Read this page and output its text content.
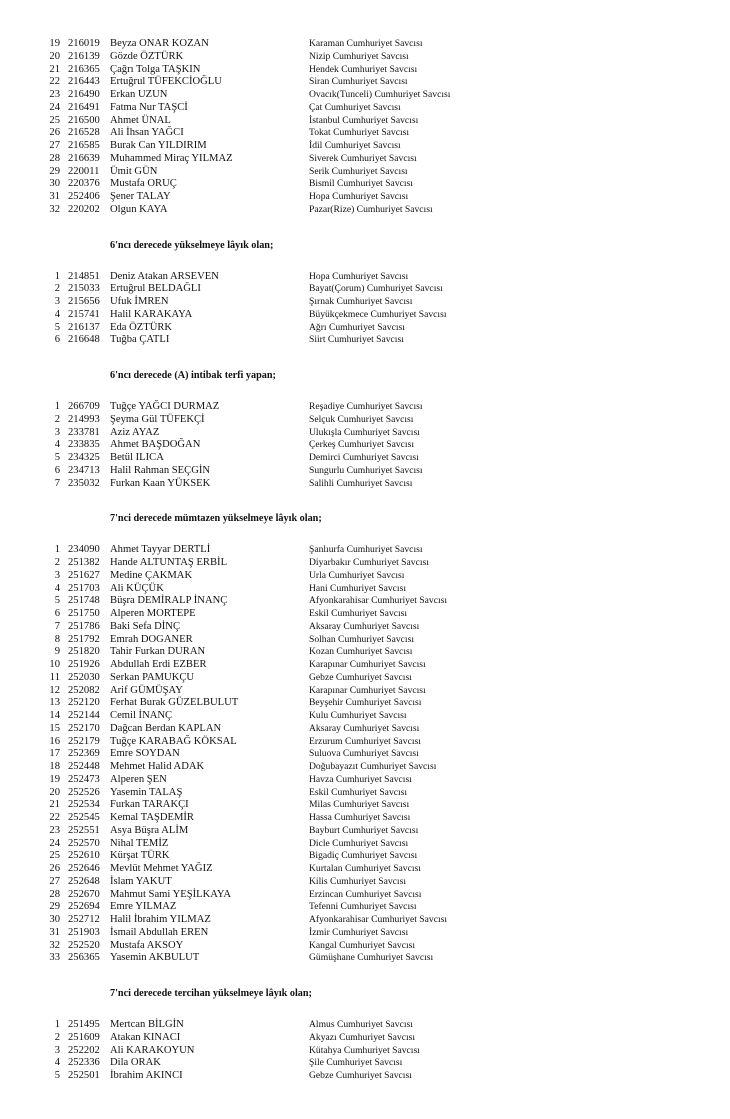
19 216019 Beyza ONAR KOZAN	Karaman Cumhuriyet Savcısı
20 216139 Gözde ÖZTÜRK	Nizip Cumhuriyet Savcısı
21 216365 Çağrı Tolga TAŞKIN	Hendek Cumhuriyet Savcısı
22 216443 Ertuğrul TÜFEKCİOĞLU	Siran Cumhuriyet Savcısı
23 216490 Erkan UZUN	Ovacık(Tunceli) Cumhuriyet Savcısı
24 216491 Fatma Nur TAŞCİ	Çat Cumhuriyet Savcısı
25 216500 Ahmet ÜNAL	İstanbul Cumhuriyet Savcısı
26 216528 Ali İhsan YAĞCI	Tokat Cumhuriyet Savcısı
27 216585 Burak Can YILDIRIM	İdil Cumhuriyet Savcısı
28 216639 Muhammed Miraç YILMAZ	Siverek Cumhuriyet Savcısı
29 220011 Ümit GÜN	Serik Cumhuriyet Savcısı
30 220376 Mustafa ORUÇ	Bismil Cumhuriyet Savcısı
31 252406 Şener TALAY	Hopa Cumhuriyet Savcısı
32 220202 Olgun KAYA	Pazar(Rize) Cumhuriyet Savcısı
6'ncı derecede yükselmeye lâyık olan;
1 214851 Deniz Atakan ARSEVEN	Hopa Cumhuriyet Savcısı
2 215033 Ertuğrul BELDAĞLI	Bayat(Çorum) Cumhuriyet Savcısı
3 215656 Ufuk İMREN	Şırnak Cumhuriyet Savcısı
4 215741 Halil KARAKAYA	Büyükçekmece Cumhuriyet Savcısı
5 216137 Eda ÖZTÜRK	Ağrı Cumhuriyet Savcısı
6 216648 Tuğba ÇATLI	Siirt Cumhuriyet Savcısı
6'ncı derecede (A) intibak terfi yapan;
1 266709 Tuğçe YAĞCI DURMAZ	Reşadiye Cumhuriyet Savcısı
2 214993 Şeyma Gül TÜFEKÇİ	Selçuk Cumhuriyet Savcısı
3 233781 Aziz AYAZ	Ulukışla Cumhuriyet Savcısı
4 233835 Ahmet BAŞDOĞAN	Çerkeş Cumhuriyet Savcısı
5 234325 Betül ILICA	Demirci Cumhuriyet Savcısı
6 234713 Halil Rahman SEÇGİN	Sungurlu Cumhuriyet Savcısı
7 235032 Furkan Kaan YÜKSEK	Salihli Cumhuriyet Savcısı
7'nci derecede mümtazen yükselmeye lâyık olan;
1 234090 Ahmet Tayyar DERTLİ	Şanlıurfa Cumhuriyet Savcısı
2 251382 Hande ALTUNTAŞ ERBİL	Diyarbakır Cumhuriyet Savcısı
3 251627 Medine ÇAKMAK	Urla Cumhuriyet Savcısı
4 251703 Ali KÜÇÜK	Hani Cumhuriyet Savcısı
5 251748 Büşra DEMİRALP İNANÇ	Afyonkarahisar Cumhuriyet Savcısı
6 251750 Alperen MORTEPE	Eskil Cumhuriyet Savcısı
7 251786 Baki Sefa DİNÇ	Aksaray Cumhuriyet Savcısı
8 251792 Emrah DOGANER	Solhan Cumhuriyet Savcısı
9 251820 Tahir Furkan DURAN	Kozan Cumhuriyet Savcısı
10 251926 Abdullah Erdi EZBER	Karapınar Cumhuriyet Savcısı
11 252030 Serkan PAMUKÇU	Gebze Cumhuriyet Savcısı
12 252082 Arif GÜMÜŞAY	Karapınar Cumhuriyet Savcısı
13 252120 Ferhat Burak GÜZELBULUT	Beyşehir Cumhuriyet Savcısı
14 252144 Cemil İNANÇ	Kulu Cumhuriyet Savcısı
15 252170 Dağcan Berdan KAPLAN	Aksaray Cumhuriyet Savcısı
16 252179 Tuğçe KARABAĞ KÖKSAL	Erzurum Cumhuriyet Savcısı
17 252369 Emre SOYDAN	Suluova Cumhuriyet Savcısı
18 252448 Mehmet Halid ADAK	Doğubayazıt Cumhuriyet Savcısı
19 252473 Alperen ŞEN	Havza Cumhuriyet Savcısı
20 252526 Yasemin TALAŞ	Eskil Cumhuriyet Savcısı
21 252534 Furkan TARAKÇI	Milas Cumhuriyet Savcısı
22 252545 Kemal TAŞDEMİR	Hassa Cumhuriyet Savcısı
23 252551 Asya Büşra ALİM	Bayburt Cumhuriyet Savcısı
24 252570 Nihal TEMİZ	Dicle Cumhuriyet Savcısı
25 252610 Kürşat TÜRK	Bigadiç Cumhuriyet Savcısı
26 252646 Mevlüt Mehmet YAĞIZ	Kurtalan Cumhuriyet Savcısı
27 252648 İslam YAKUT	Kilis Cumhuriyet Savcısı
28 252670 Mahmut Sami YEŞİLKAYA	Erzincan Cumhuriyet Savcısı
29 252694 Emre YILMAZ	Tefenni Cumhuriyet Savcısı
30 252712 Halil İbrahim YILMAZ	Afyonkarahisar Cumhuriyet Savcısı
31 251903 İsmail Abdullah EREN	İzmir Cumhuriyet Savcısı
32 252520 Mustafa AKSOY	Kangal Cumhuriyet Savcısı
33 256365 Yasemin AKBULUT	Gümüşhane Cumhuriyet Savcısı
7'nci derecede tercihan yükselmeye lâyık olan;
1 251495 Mertcan BİLGİN	Almus Cumhuriyet Savcısı
2 251609 Atakan KINACI	Akyazı Cumhuriyet Savcısı
3 252202 Ali KARAKOYUN	Kütahya Cumhuriyet Savcısı
4 252336 Dila ORAK	Şile Cumhuriyet Savcısı
5 252501 İbrahim AKINCI	Gebze Cumhuriyet Savcısı
